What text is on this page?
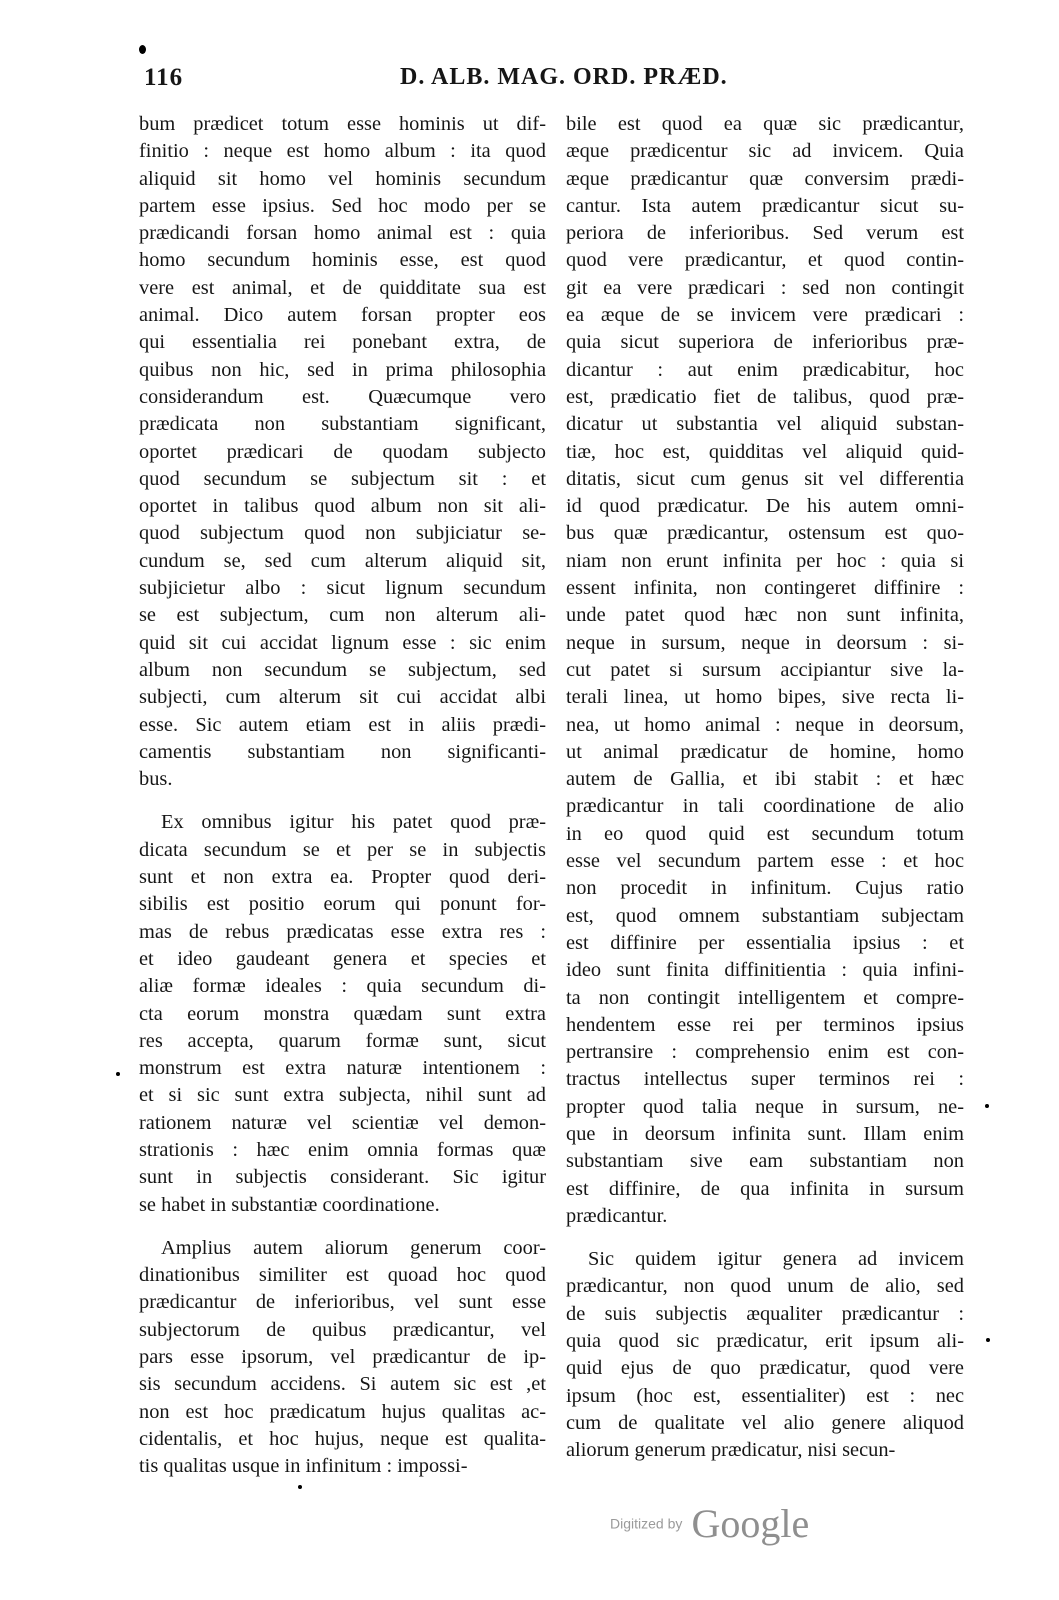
116	D. ALB. MAG. ORD. PRÆD.
bum prædicet totum esse hominis ut dif-
finitio : neque est homo album : ita quod
aliquid sit homo vel hominis secundum
partem esse ipsius. Sed hoc modo per se
prædicandi forsan homo animal est : quia
homo secundum hominis esse, est quod
vere est animal, et de quidditate sua est
animal. Dico autem forsan propter eos
qui essentialia rei ponebant extra, de
quibus non hic, sed in prima philosophia
considerandum est. Quæcumque vero
prædicata non substantiam significant,
oportet prædicari de quodam subjecto
quod secundum se subjectum sit : et
oportet in talibus quod album non sit ali-
quod subjectum quod non subjiciatur se-
cundum se, sed cum alterum aliquid sit,
subjicietur albo : sicut lignum secundum
se est subjectum, cum non alterum ali-
quid sit cui accidat lignum esse : sic enim
album non secundum se subjectum, sed
subjecti, cum alterum sit cui accidat albi
esse. Sic autem etiam est in aliis prædi-
camentis substantiam non significanti-
bus.
Ex omnibus igitur his patet quod præ-
dicata secundum se et per se in subjectis
sunt et non extra ea. Propter quod deri-
sibilis est positio eorum qui ponunt for-
mas de rebus prædicatas esse extra res :
et ideo gaudeant genera et species et
aliæ formæ ideales : quia secundum di-
cta eorum monstra quædam sunt extra
res accepta, quarum formæ sunt, sicut
monstrum est extra naturæ intentionem :
et si sic sunt extra subjecta, nihil sunt ad
rationem naturæ vel scientiæ vel demon-
strationis : hæc enim omnia formas quæ
sunt in subjectis considerant. Sic igitur
se habet in substantiæ coordinatione.
Amplius autem aliorum generum coor-
dinationibus similiter est quoad hoc quod
prædicantur de inferioribus, vel sunt esse
subjectorum de quibus prædicantur, vel
pars esse ipsorum, vel prædicantur de ip-
sis secundum accidens. Si autem sic est ,et
non est hoc prædicatum hujus qualitas ac-
cidentalis, et hoc hujus, neque est qualita-
tis qualitas usque in infinitum : impossi-
bile est quod ea quæ sic prædicantur,
æque prædicentur sic ad invicem. Quia
æque prædicantur quæ conversim prædi-
cantur. Ista autem prædicantur sicut su-
periora de inferioribus. Sed verum est
quod vere prædicantur, et quod contin-
git ea vere prædicari : sed non contingit
ea æque de se invicem vere prædicari :
quia sicut superiora de inferioribus præ-
dicantur : aut enim prædicabitur, hoc
est, prædicatio fiet de talibus, quod præ-
dicatur ut substantia vel aliquid substan-
tiæ, hoc est, quidditas vel aliquid quid-
ditatis, sicut cum genus sit vel differentia
id quod prædicatur. De his autem omni-
bus quæ prædicantur, ostensum est quo-
niam non erunt infinita per hoc : quia si
essent infinita, non contingeret diffinire :
unde patet quod hæc non sunt infinita,
neque in sursum, neque in deorsum : si-
cut patet si sursum accipiantur sive la-
terali linea, ut homo bipes, sive recta li-
nea, ut homo animal : neque in deorsum,
ut animal prædicatur de homine, homo
autem de Gallia, et ibi stabit : et hæc
prædicantur in tali coordinatione de alio
in eo quod quid est secundum totum
esse vel secundum partem esse : et hoc
non procedit in infinitum. Cujus ratio
est, quod omnem substantiam subjectam
est diffinire per essentialia ipsius : et
ideo sunt finita diffinitientia : quia infini-
ta non contingit intelligentem et compre-
hendentem esse rei per terminos ipsius
pertransire : comprehensio enim est con-
tractus intellectus super terminos rei :
propter quod talia neque in sursum, ne-
que in deorsum infinita sunt. Illam enim
substantiam sive eam substantiam non
est diffinire, de qua infinita in sursum
prædicantur.
Sic quidem igitur genera ad invicem
prædicantur, non quod unum de alio, sed
de suis subjectis æqualiter prædicantur :
quia quod sic prædicatur, erit ipsum ali-
quid ejus de quo prædicatur, quod vere
ipsum (hoc est, essentialiter) est : nec
cum de qualitate vel alio genere aliquod
aliorum generum prædicatur, nisi secun-
Digitized by Google
